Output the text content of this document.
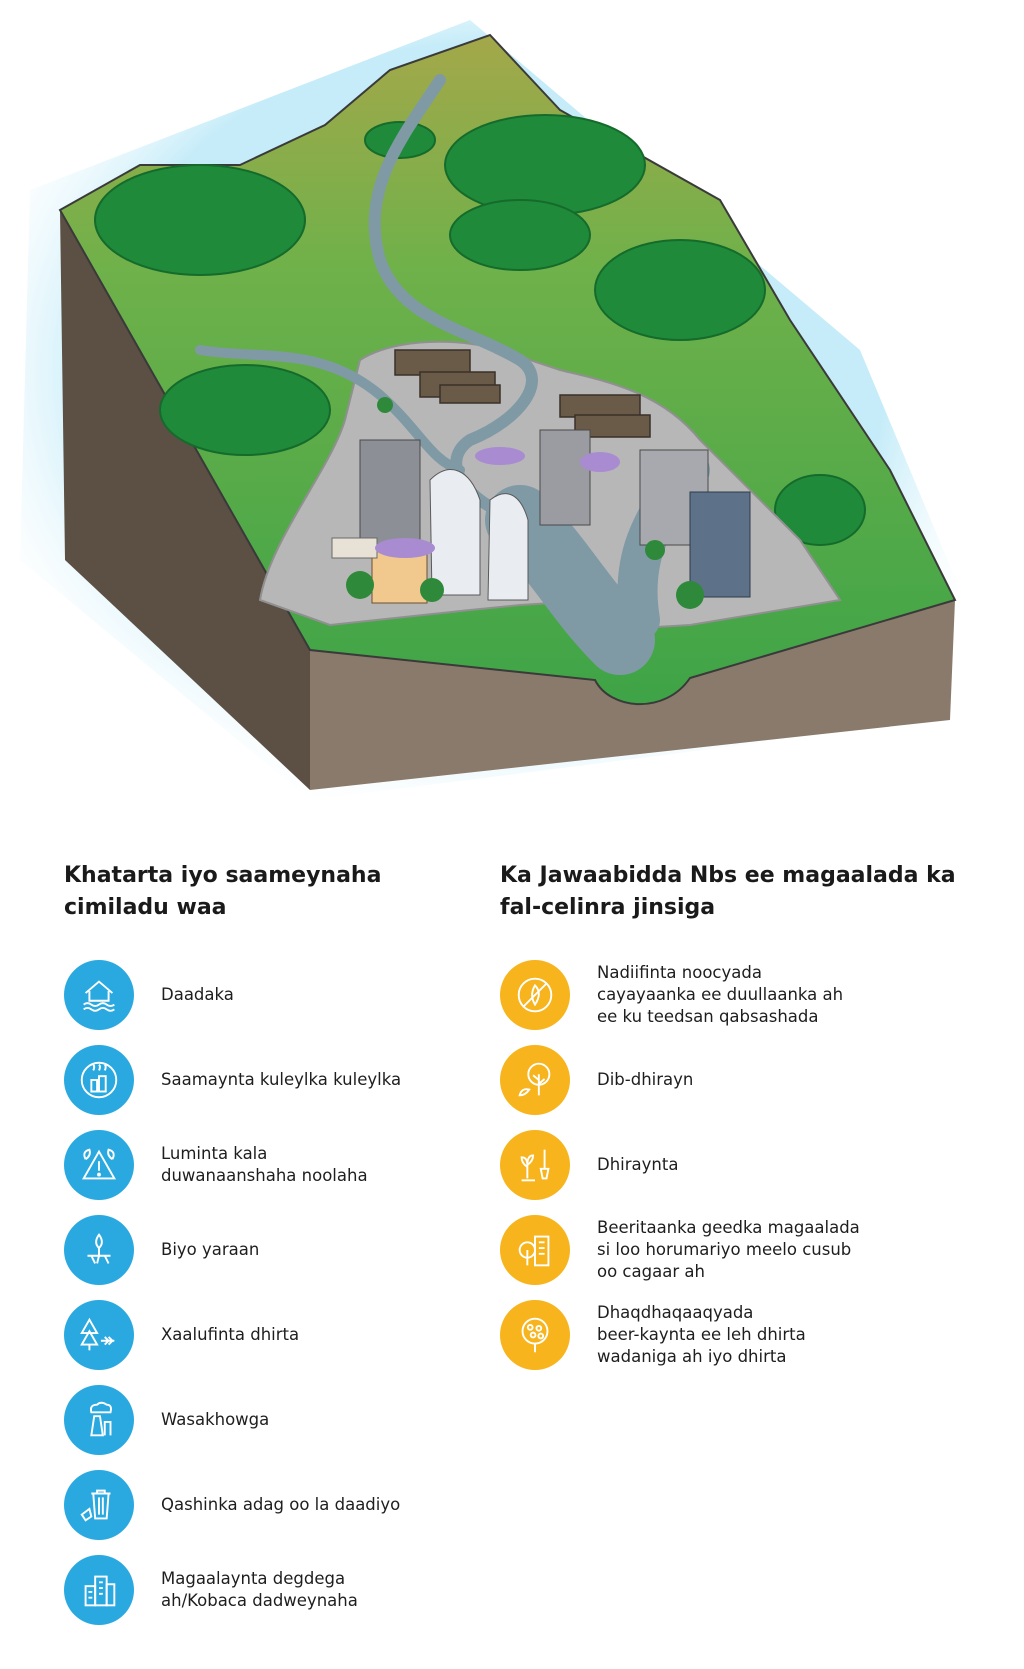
Khatarta iyo saameynaha
cimiladu waa
Daadaka
Saamaynta kuleylka kuleylka
Luminta kala
duwanaanshaha noolaha
Biyo yaraan
Xaalufinta dhirta
Wasakhowga
Qashinka adag oo la daadiyo
Magaalaynta degdega
ah/Kobaca dadweynaha
Ka Jawaabidda Nbs ee magaalada ka
fal-celinra jinsiga
Nadiifinta noocyada
cayayaanka ee duullaanka ah
ee ku teedsan qabsashada
Dib-dhirayn
Dhiraynta
Beeritaanka geedka magaalada
si loo horumariyo meelo cusub
oo cagaar ah
Dhaqdhaqaaqyada
beer-kaynta ee leh dhirta
wadaniga ah iyo dhirta
